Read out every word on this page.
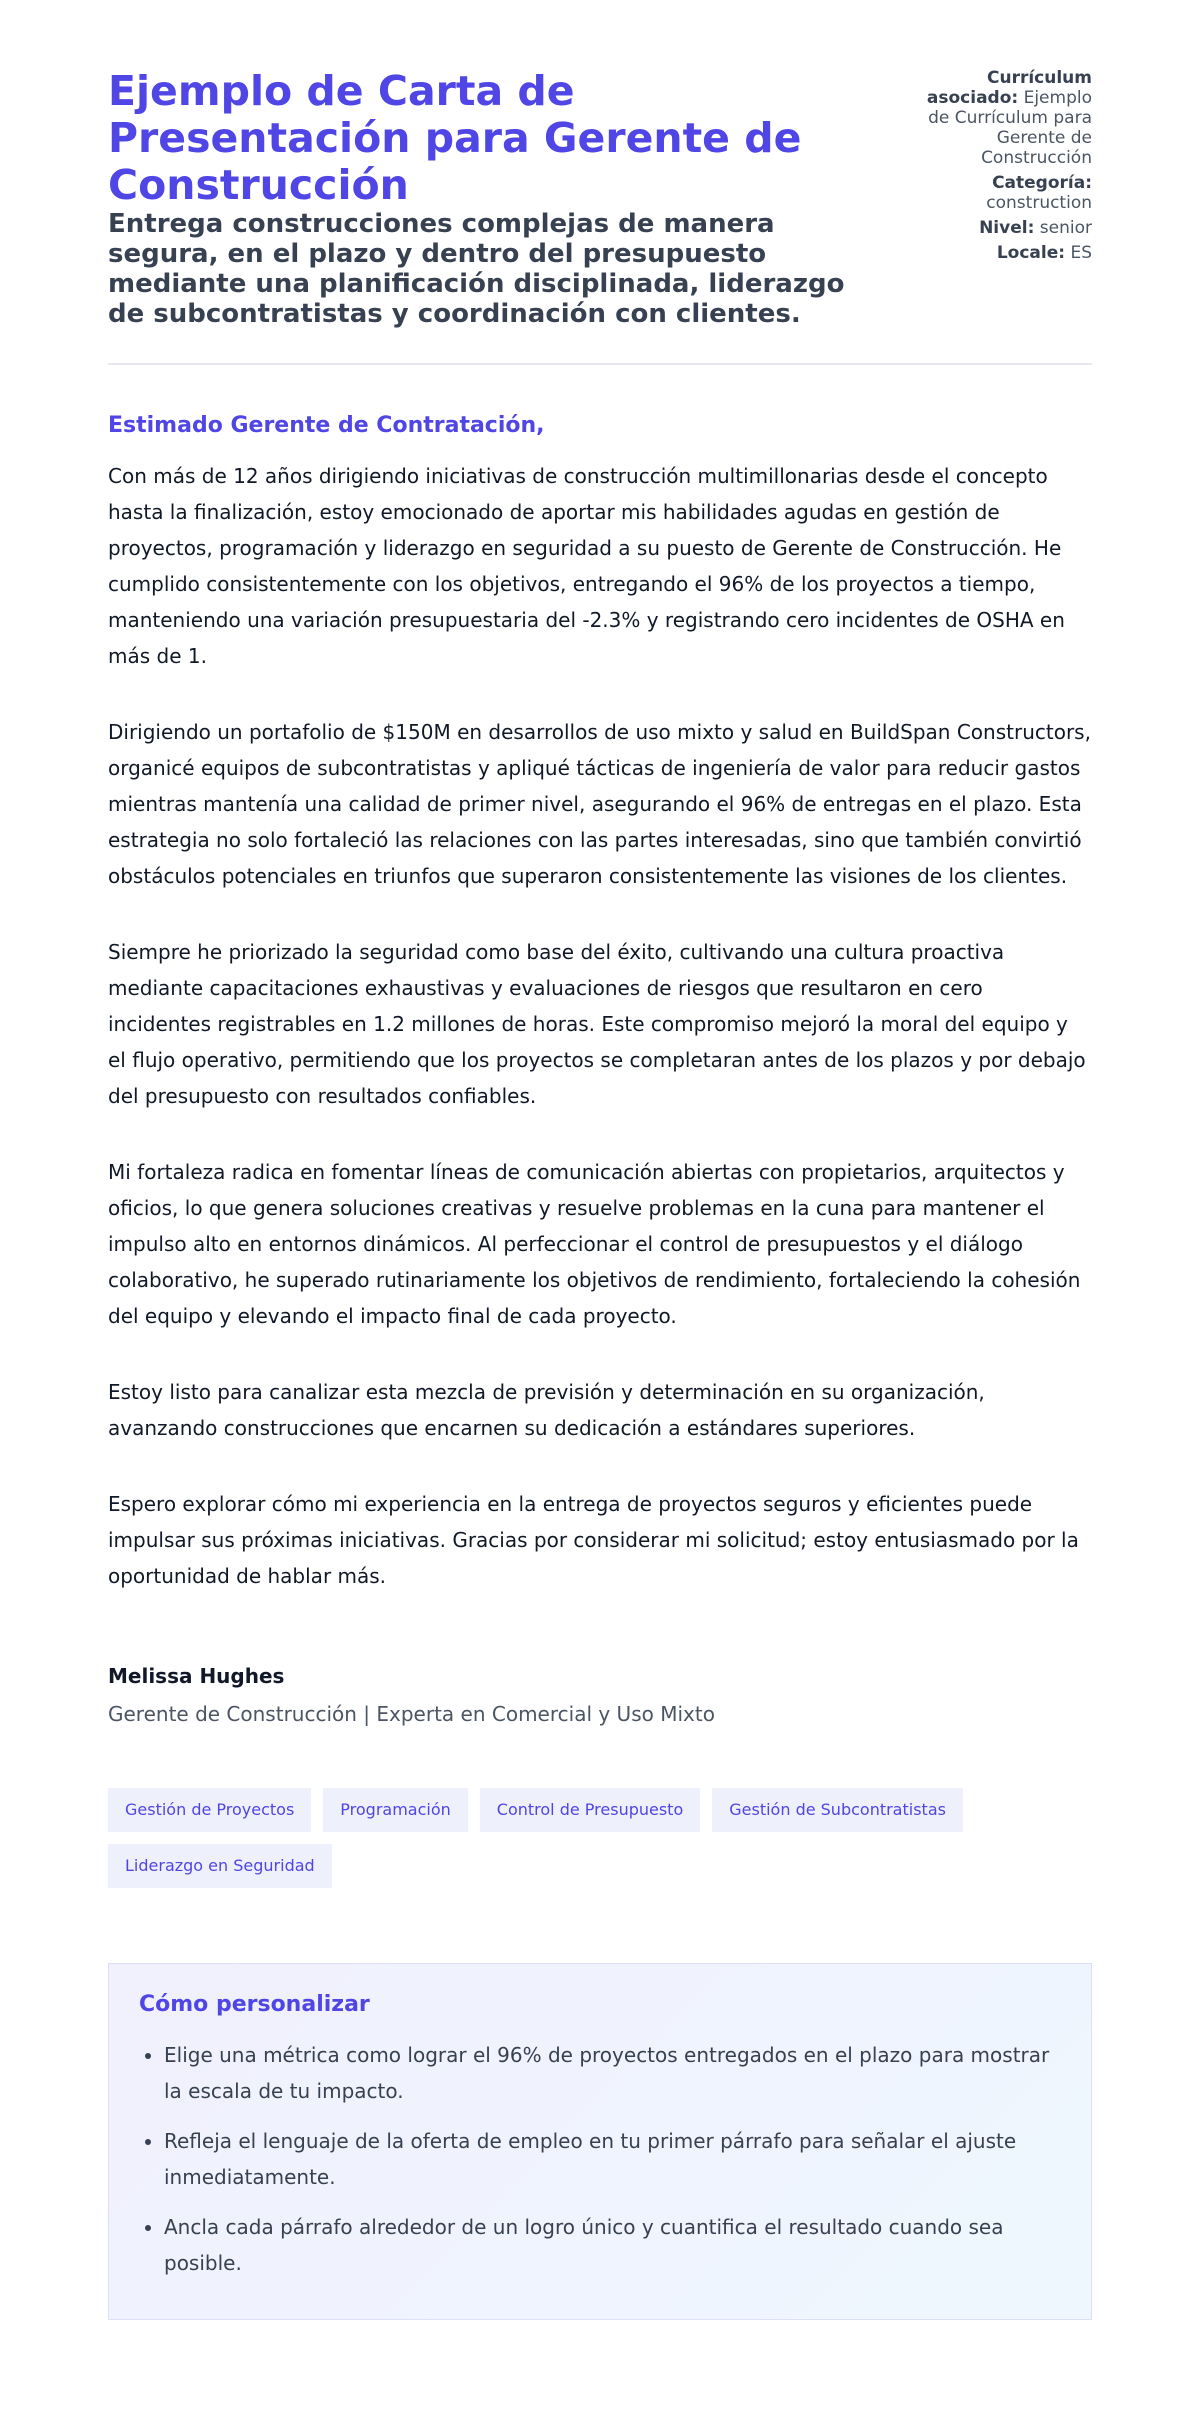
Ejemplo de Carta de Presentación para Gerente de Construcción

Entrega construcciones complejas de manera segura, en el plazo y dentro del presupuesto mediante una planificación disciplinada, liderazgo de subcontratistas y coordinación con clientes.

Currículum asociado: Ejemplo de Currículum para Gerente de Construcción
Categoría: construction
Nivel: senior
Locale: ES
Estimado Gerente de Contratación,

Con más de 12 años dirigiendo iniciativas de construcción multimillonarias desde el concepto hasta la finalización, estoy emocionado de aportar mis habilidades agudas en gestión de proyectos, programación y liderazgo en seguridad a su puesto de Gerente de Construcción. He cumplido consistentemente con los objetivos, entregando el 96% de los proyectos a tiempo, manteniendo una variación presupuestaria del -2.3% y registrando cero incidentes de OSHA en más de 1.

Dirigiendo un portafolio de $150M en desarrollos de uso mixto y salud en BuildSpan Constructors, organicé equipos de subcontratistas y apliqué tácticas de ingeniería de valor para reducir gastos mientras mantenía una calidad de primer nivel, asegurando el 96% de entregas en el plazo. Esta estrategia no solo fortaleció las relaciones con las partes interesadas, sino que también convirtió obstáculos potenciales en triunfos que superaron consistentemente las visiones de los clientes.

Siempre he priorizado la seguridad como base del éxito, cultivando una cultura proactiva mediante capacitaciones exhaustivas y evaluaciones de riesgos que resultaron en cero incidentes registrables en 1.2 millones de horas. Este compromiso mejoró la moral del equipo y el flujo operativo, permitiendo que los proyectos se completaran antes de los plazos y por debajo del presupuesto con resultados confiables.

Mi fortaleza radica en fomentar líneas de comunicación abiertas con propietarios, arquitectos y oficios, lo que genera soluciones creativas y resuelve problemas en la cuna para mantener el impulso alto en entornos dinámicos. Al perfeccionar el control de presupuestos y el diálogo colaborativo, he superado rutinariamente los objetivos de rendimiento, fortaleciendo la cohesión del equipo y elevando el impacto final de cada proyecto.

Estoy listo para canalizar esta mezcla de previsión y determinación en su organización, avanzando construcciones que encarnen su dedicación a estándares superiores.

Espero explorar cómo mi experiencia en la entrega de proyectos seguros y eficientes puede impulsar sus próximas iniciativas. Gracias por considerar mi solicitud; estoy entusiasmado por la oportunidad de hablar más.

Melissa Hughes
Gerente de Construcción | Experta en Comercial y Uso Mixto
Gestión de Proyectos	Programación	Control de Presupuesto	Gestión de Subcontratistas
Liderazgo en Seguridad
Cómo personalizar
• Elige una métrica como lograr el 96% de proyectos entregados en el plazo para mostrar la escala de tu impacto.
• Refleja el lenguaje de la oferta de empleo en tu primer párrafo para señalar el ajuste inmediatamente.
• Ancla cada párrafo alrededor de un logro único y cuantifica el resultado cuando sea posible.
